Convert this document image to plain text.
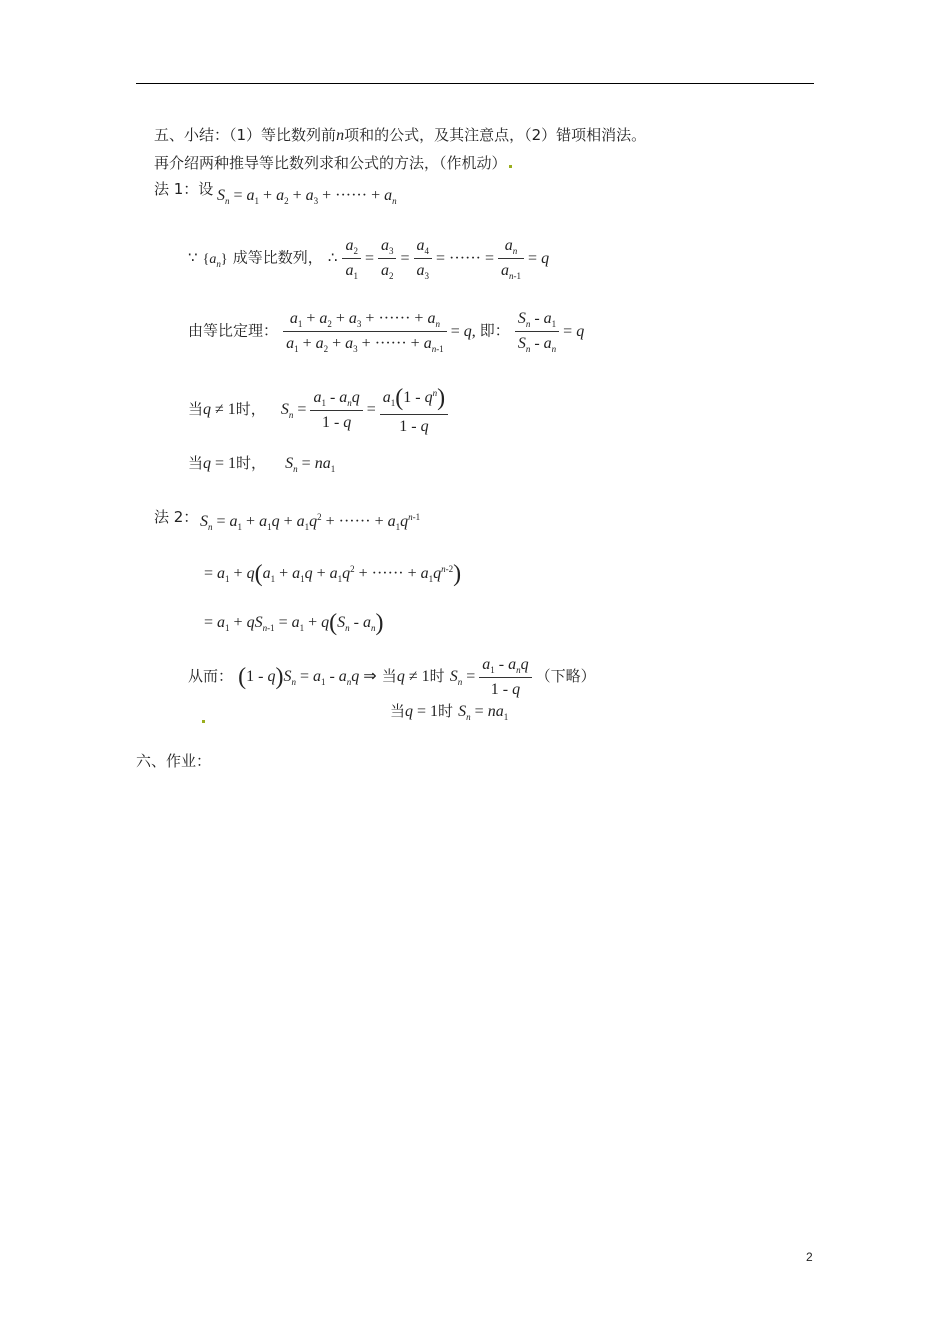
五、小结：（1）等比数列前n项和的公式，及其注意点，（2）错项相消法。
再介绍两种推导等比数列求和公式的方法，（作机动）
法 1：设 $S_n = a_1 + a_2 + a_3$ + ······ + $a_n$
∵ $\{a_n\}$ 成等比数列， ∴ $\frac{a_2}{a_1} = \frac{a_3}{a_2} = \frac{a_4}{a_3}$ = ······ = $\frac{a_n}{a_{n-1}} = q$
由等比定理： $\frac{a_1 + a_2 + a_3 + \cdot\cdot\cdot\cdot\cdot\cdot + a_n}{a_1 + a_2 + a_3 + \cdot\cdot\cdot\cdot\cdot\cdot + a_{n-1}} = q$, 即： $\frac{S_n - a_1}{S_n - a_n} = q$
当q ≠ 1时， $S_n = \frac{a_1 - a_nq}{1 - q} = \frac{a_1(1 - q^n)}{1 - q}$
当q = 1时， $S_n = na_1$
法 2： $S_n = a_1 + a_1q + a_1q^2$ + ······ + $a_1q^{n-1}$
= $a_1 + q(a_1 + a_1q + a_1q^2$ + ······ + $a_1q^{n-2}$)
= $a_1 + qS_{n-1} = a_1 + q(S_n - a_n)$
从而： $(1 - q)S_n = a_1 - a_nq$ ⇒ 当q ≠ 1时 $S_n = \frac{a_1 - a_nq}{1 - q}$ （下略）
当q = 1时 $S_n = na_1$
六、作业：
2
